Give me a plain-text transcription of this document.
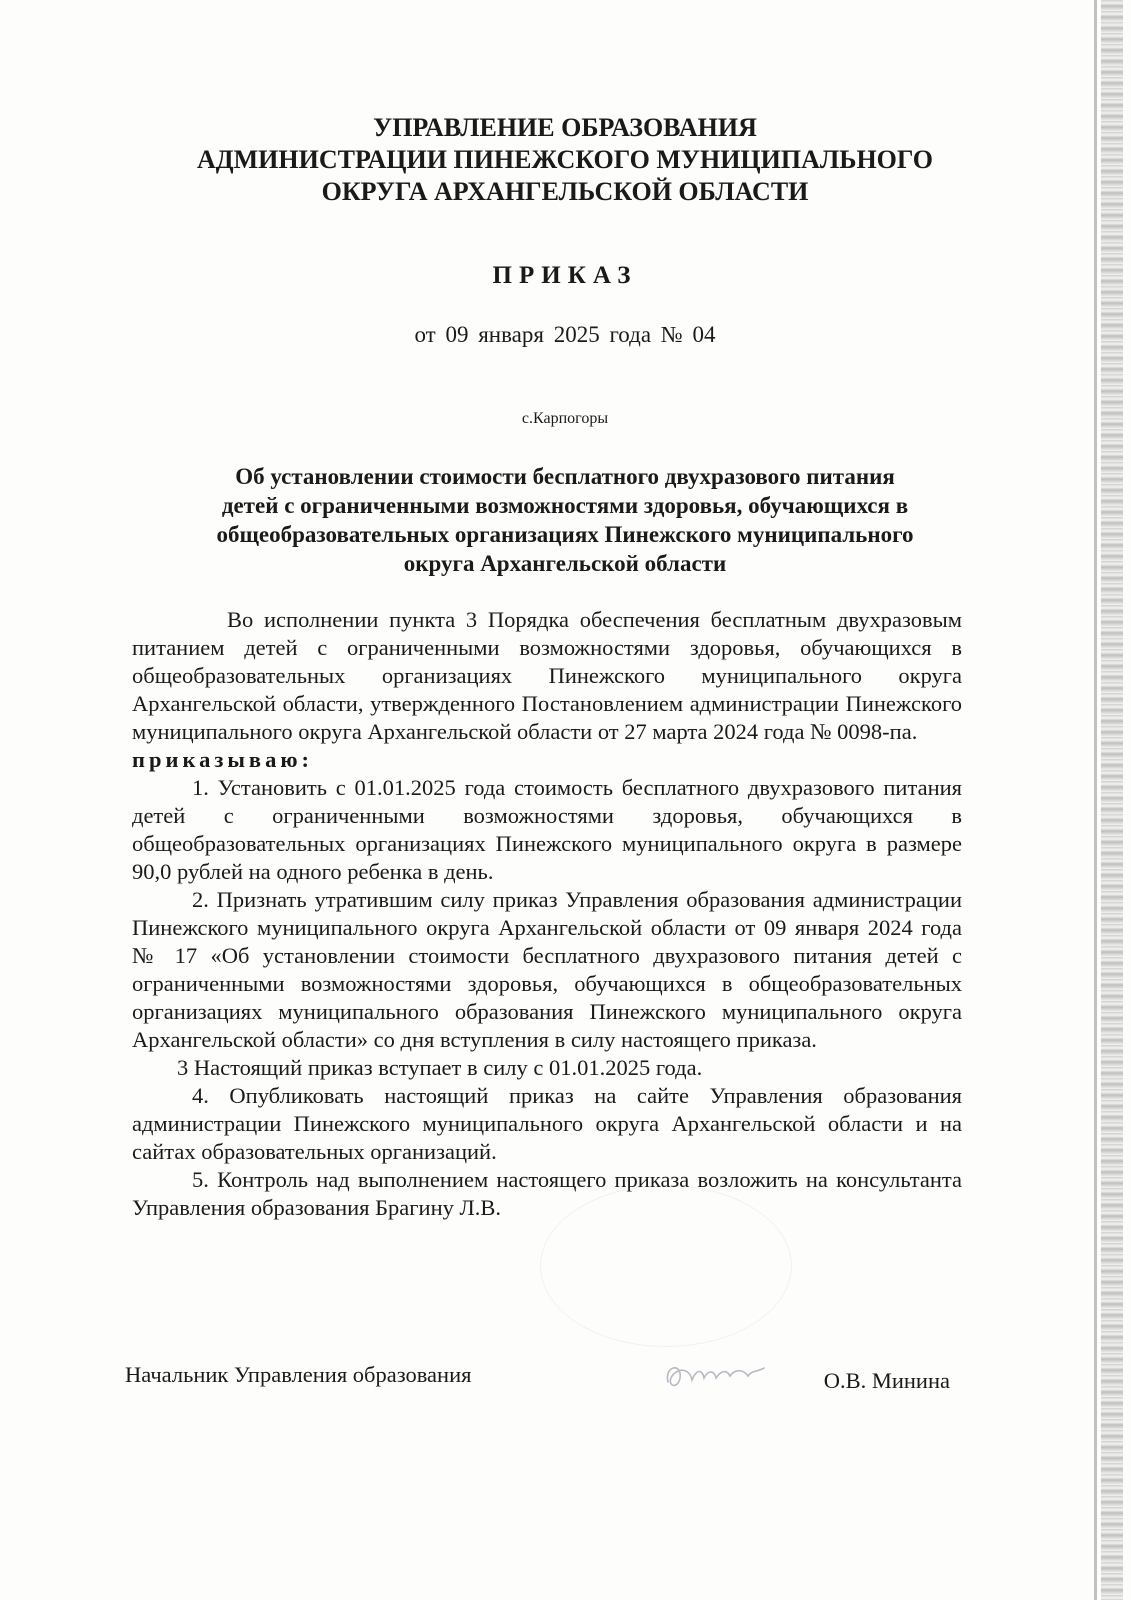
УПРАВЛЕНИЕ ОБРАЗОВАНИЯ
АДМИНИСТРАЦИИ ПИНЕЖСКОГО МУНИЦИПАЛЬНОГО
ОКРУГА АРХАНГЕЛЬСКОЙ ОБЛАСТИ
ПРИКАЗ
от 09 января 2025 года № 04
с.Карпогоры
Об установлении стоимости бесплатного двухразового питания
детей с ограниченными возможностями здоровья, обучающихся в
общеобразовательных организациях Пинежского муниципального
округа Архангельской области

Во исполнении пункта 3 Порядка обеспечения бесплатным двухразовым питанием детей с ограниченными возможностями здоровья, обучающихся в общеобразовательных организациях Пинежского муниципального округа Архангельской области, утвержденного Постановлением администрации Пинежского муниципального округа Архангельской области от 27 марта 2024 года № 0098-па.

приказываю:

1. Установить с 01.01.2025 года стоимость бесплатного двухразового питания детей с ограниченными возможностями здоровья, обучающихся в общеобразовательных организациях Пинежского муниципального округа в размере 90,0 рублей на одного ребенка в день.

2. Признать утратившим силу приказ Управления образования администрации Пинежского муниципального округа Архангельской области от 09 января 2024 года № 17 «Об установлении стоимости бесплатного двухразового питания детей с ограниченными возможностями здоровья, обучающихся в общеобразовательных организациях муниципального образования Пинежского муниципального округа Архангельской области» со дня вступления в силу настоящего приказа.

3 Настоящий приказ вступает в силу с 01.01.2025 года.

4. Опубликовать настоящий приказ на сайте Управления образования администрации Пинежского муниципального округа Архангельской области и на сайтах образовательных организаций.

5. Контроль над выполнением настоящего приказа возложить на консультанта Управления образования Брагину Л.В.

Начальник Управления образования	О.В. Минина
